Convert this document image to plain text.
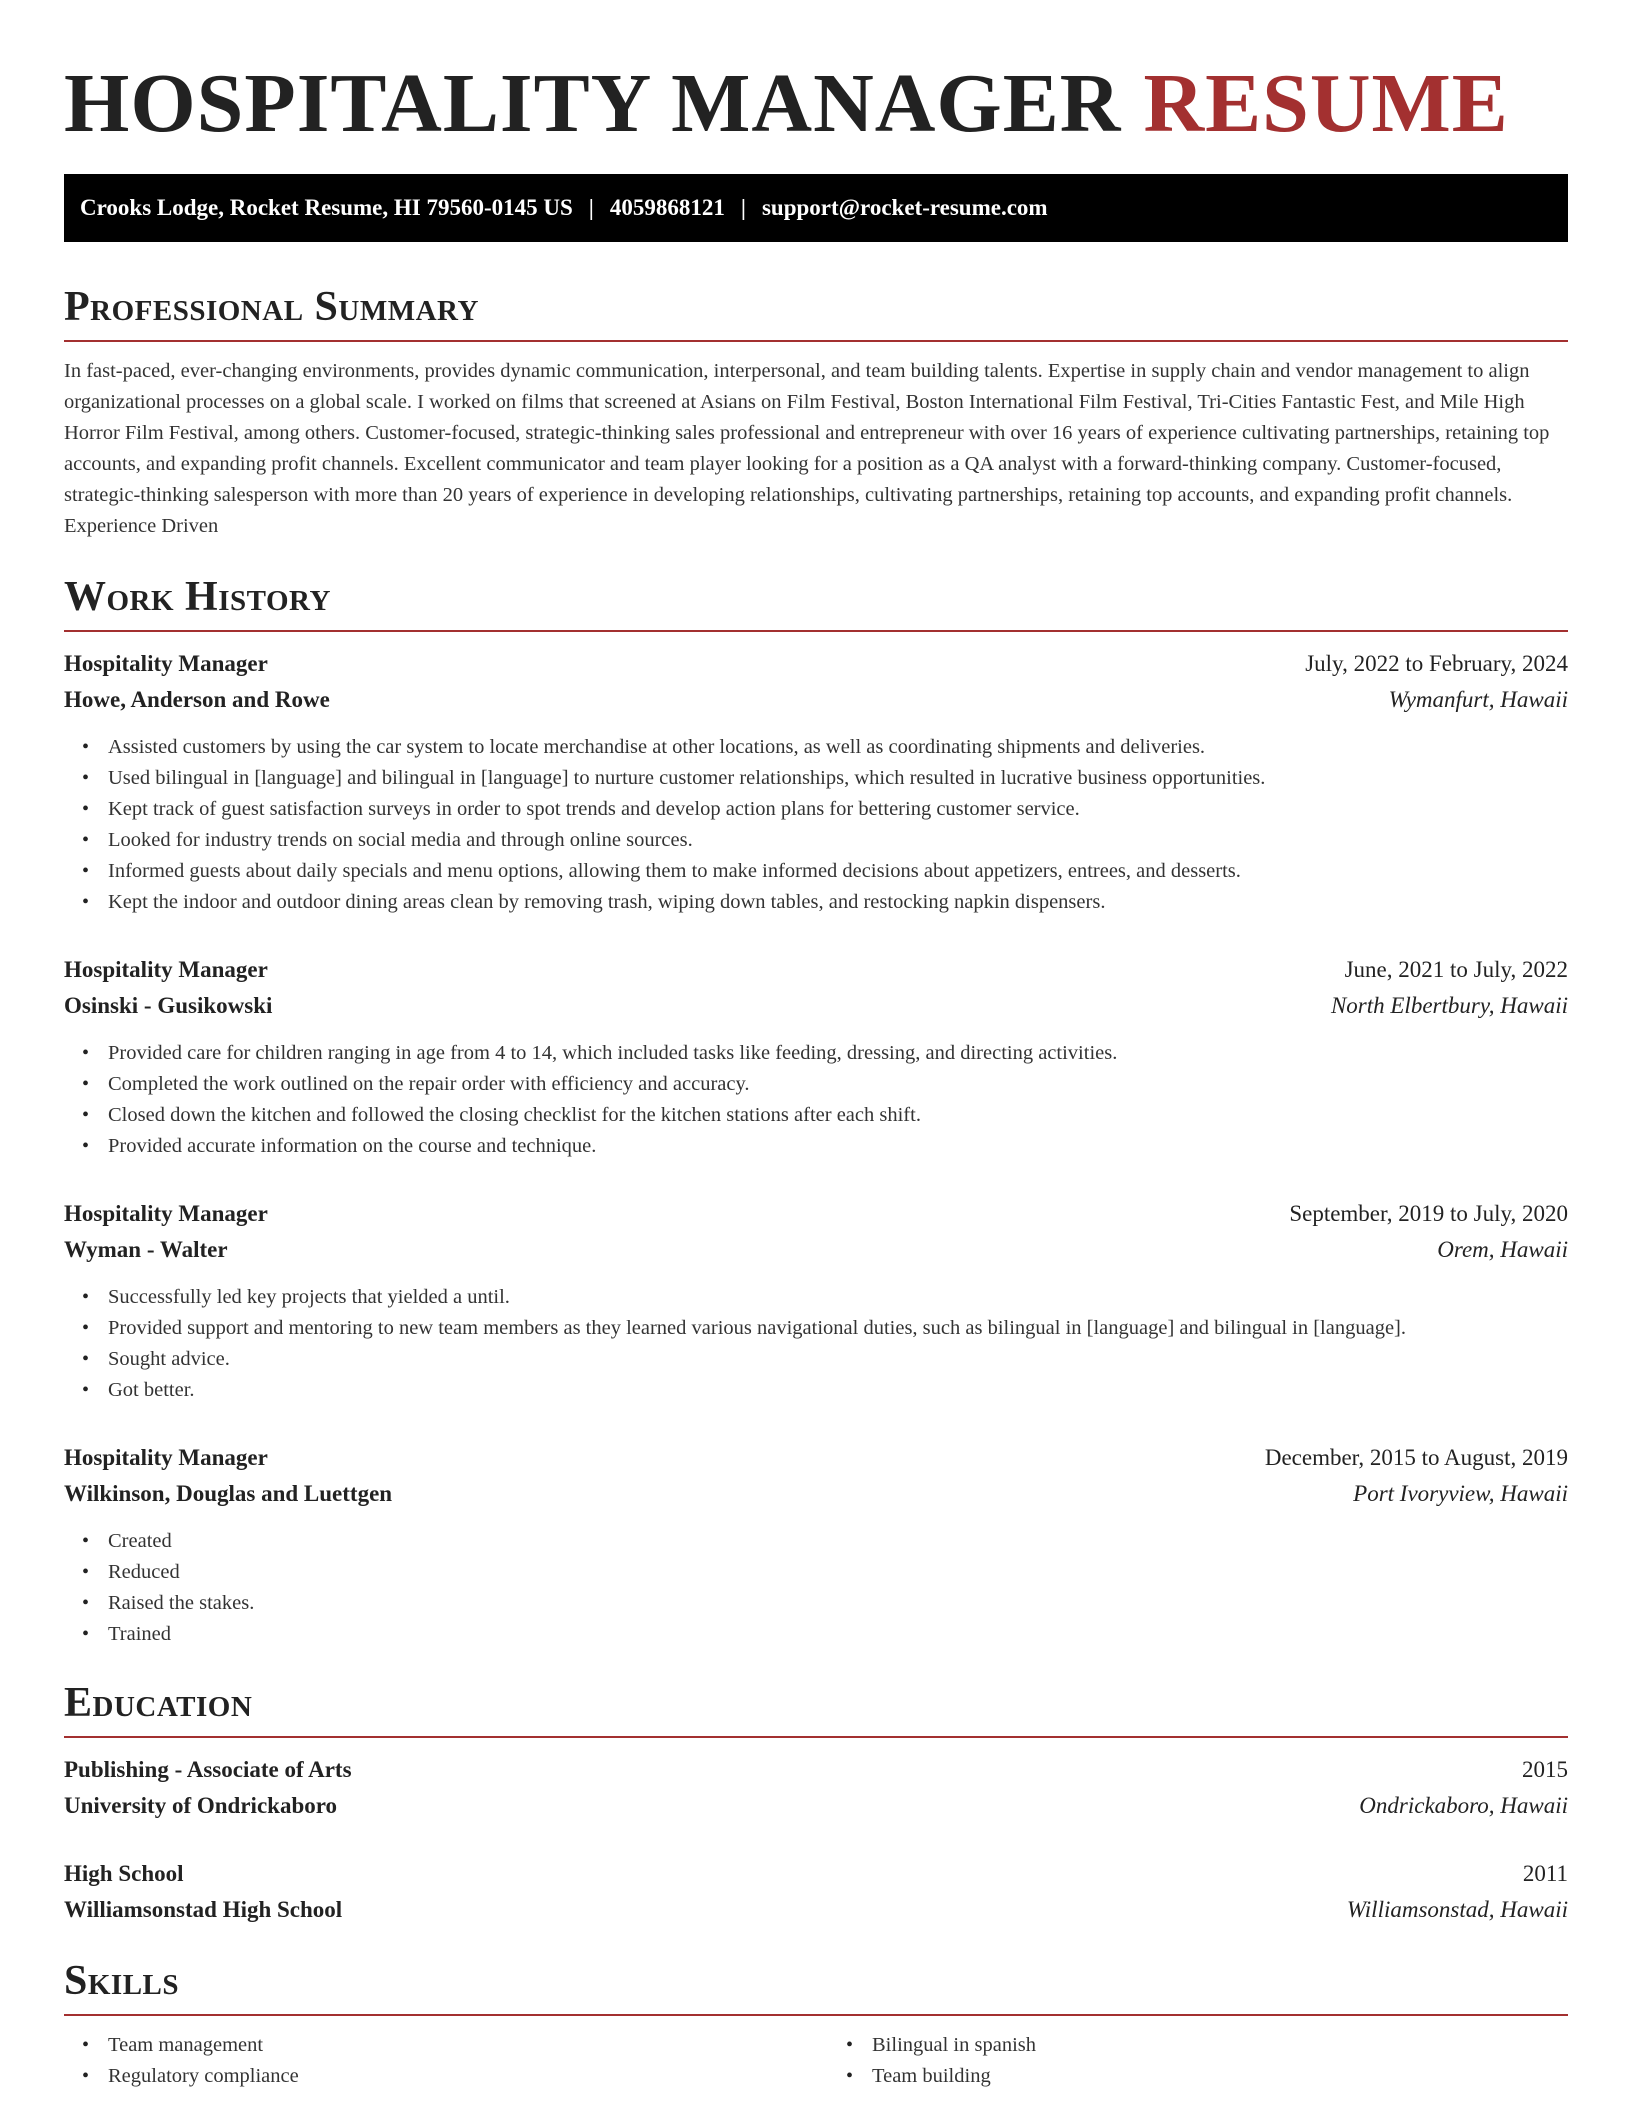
HOSPITALITY MANAGER RESUME
Crooks Lodge, Rocket Resume, HI 79560-0145 US | 4059868121 | support@rocket-resume.com
Professional Summary

In fast-paced, ever-changing environments, provides dynamic communication, interpersonal, and team building talents. Expertise in supply chain and vendor management to align organizational processes on a global scale. I worked on films that screened at Asians on Film Festival, Boston International Film Festival, Tri-Cities Fantastic Fest, and Mile High Horror Film Festival, among others. Customer-focused, strategic-thinking sales professional and entrepreneur with over 16 years of experience cultivating partnerships, retaining top accounts, and expanding profit channels. Excellent communicator and team player looking for a position as a QA analyst with a forward-thinking company. Customer-focused, strategic-thinking salesperson with more than 20 years of experience in developing relationships, cultivating partnerships, retaining top accounts, and expanding profit channels. Experience Driven

Work History
Hospitality Manager	July, 2022 to February, 2024
Howe, Anderson and Rowe	Wymanfurt, Hawaii
• Assisted customers by using the car system to locate merchandise at other locations, as well as coordinating shipments and deliveries.
• Used bilingual in [language] and bilingual in [language] to nurture customer relationships, which resulted in lucrative business opportunities.
• Kept track of guest satisfaction surveys in order to spot trends and develop action plans for bettering customer service.
• Looked for industry trends on social media and through online sources.
• Informed guests about daily specials and menu options, allowing them to make informed decisions about appetizers, entrees, and desserts.
• Kept the indoor and outdoor dining areas clean by removing trash, wiping down tables, and restocking napkin dispensers.
Hospitality Manager	June, 2021 to July, 2022
Osinski - Gusikowski	North Elbertbury, Hawaii
• Provided care for children ranging in age from 4 to 14, which included tasks like feeding, dressing, and directing activities.
• Completed the work outlined on the repair order with efficiency and accuracy.
• Closed down the kitchen and followed the closing checklist for the kitchen stations after each shift.
• Provided accurate information on the course and technique.
Hospitality Manager	September, 2019 to July, 2020
Wyman - Walter	Orem, Hawaii
• Successfully led key projects that yielded a until.
• Provided support and mentoring to new team members as they learned various navigational duties, such as bilingual in [language] and bilingual in [language].
• Sought advice.
• Got better.
Hospitality Manager	December, 2015 to August, 2019
Wilkinson, Douglas and Luettgen	Port Ivoryview, Hawaii
• Created
• Reduced
• Raised the stakes.
• Trained
Education
Publishing - Associate of Arts	2015
University of Ondrickaboro	Ondrickaboro, Hawaii
High School	2011
Williamsonstad High School	Williamsonstad, Hawaii
Skills
• Team management
• Regulatory compliance
• Bilingual in spanish
• Team building
